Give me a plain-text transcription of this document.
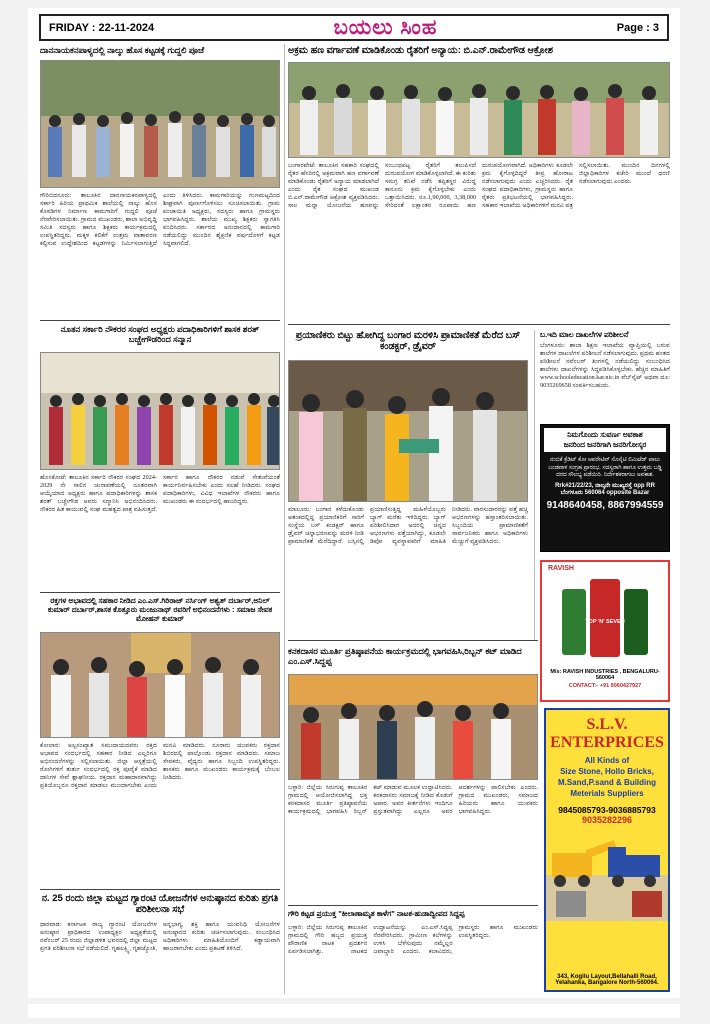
FRIDAY : 22-11-2024	ಬಯಲು ಸಿಂಹ	Page : 3
ದಾನನಾಯಕನಪಾಳ್ಯದಲ್ಲಿ ನಾಲ್ಕು ಹೊಸ ಕಟ್ಟಡಕ್ಕೆ ಗುದ್ದಲಿ ಪೂಜೆ
ಗೌರಿಬಿದನೂರು: ತಾಲೂಕಿನ ದಾನನಾಯಕನಪಾಳ್ಯದಲ್ಲಿ ಸರ್ಕಾರಿ ಹಿರಿಯ ಪ್ರಾಥಮಿಕ ಶಾಲೆಯಲ್ಲಿ ನಾಲ್ಕು ಹೊಸ ಕೊಠಡಿಗಳ ನಿರ್ಮಾಣ ಕಾಮಗಾರಿಗೆ ಗುದ್ದಲಿ ಪೂಜೆ ನೆರವೇರಿಸಲಾಯಿತು. ಗ್ರಾಮದ ಮುಖಂಡರು, ಶಾಲಾ ಅಭಿವೃದ್ಧಿ ಸಮಿತಿ ಸದಸ್ಯರು ಹಾಗೂ ಶಿಕ್ಷಕರು ಕಾರ್ಯಕ್ರಮದಲ್ಲಿ ಉಪಸ್ಥಿತರಿದ್ದರು. ಮಕ್ಕಳ ಕಲಿಕೆಗೆ ಉತ್ತಮ ವಾತಾವರಣ ಕಲ್ಪಿಸುವ ಉದ್ದೇಶದಿಂದ ಕಟ್ಟಡಗಳನ್ನು ನಿರ್ಮಿಸಲಾಗುತ್ತಿದೆ ಎಂದು ತಿಳಿಸಿದರು. ಕಾಮಗಾರಿಯನ್ನು ಗುಣಮಟ್ಟದಿಂದ ಶೀಘ್ರವಾಗಿ ಪೂರ್ಣಗೊಳಿಸಲು ಸೂಚಿಸಲಾಯಿತು. ಗ್ರಾಮ ಪಂಚಾಯಿತಿ ಅಧ್ಯಕ್ಷರು, ಸದಸ್ಯರು ಹಾಗೂ ಗ್ರಾಮಸ್ಥರು ಭಾಗವಹಿಸಿದ್ದರು. ಶಾಲೆಯ ಮುಖ್ಯ ಶಿಕ್ಷಕರು ಸ್ವಾಗತಿಸಿ ವಂದಿಸಿದರು. ಸರ್ಕಾರದ ಅನುದಾನದಲ್ಲಿ ಕಾಮಗಾರಿ ನಡೆಯಲಿದ್ದು ಮುಂದಿನ ಶೈಕ್ಷಣಿಕ ವರ್ಷದೊಳಗೆ ಕಟ್ಟಡ ಸಿದ್ಧವಾಗಲಿದೆ.
ನೂತನ ಸರ್ಕಾರಿ ನೌಕರರ ಸಂಘದ ಅಧ್ಯಕ್ಷರು ಪದಾಧಿಕಾರಿಗಳಿಗೆ ಶಾಸಕ ಶರತ್ ಬಚ್ಚೇಗೌಡರಿಂದ ಸನ್ಮಾನ
ಹೊಸಕೋಟೆ: ತಾಲೂಕಿನ ಸರ್ಕಾರಿ ನೌಕರರ ಸಂಘದ 2024-2029 ನೇ ಸಾಲಿನ ಚುನಾವಣೆಯಲ್ಲಿ ನೂತನವಾಗಿ ಆಯ್ಕೆಯಾದ ಅಧ್ಯಕ್ಷರು ಹಾಗೂ ಪದಾಧಿಕಾರಿಗಳನ್ನು ಶಾಸಕ ಶರತ್ ಬಚ್ಚೇಗೌಡ ಅವರು ಸನ್ಮಾನಿಸಿ ಅಭಿನಂದಿಸಿದರು. ನೌಕರರ ಹಿತ ಕಾಯುವಲ್ಲಿ ಸಂಘ ಮಹತ್ವದ ಪಾತ್ರ ವಹಿಸುತ್ತದೆ. ಸರ್ಕಾರ ಹಾಗೂ ನೌಕರರ ನಡುವೆ ಸೇತುವೆಯಂತೆ ಕಾರ್ಯನಿರ್ವಹಿಸಬೇಕು ಎಂದು ಸಲಹೆ ನೀಡಿದರು. ಸಂಘದ ಪದಾಧಿಕಾರಿಗಳು, ವಿವಿಧ ಇಲಾಖೆಗಳ ನೌಕರರು ಹಾಗೂ ಮುಖಂಡರು ಈ ಸಂದರ್ಭದಲ್ಲಿ ಹಾಜರಿದ್ದರು.
ರಕ್ತಗಳ ಅಭಾವದಲ್ಲಿ ಸಹಕಾರ ನೀಡಿದ ಎಂ.ಎಸ್.ಗಿರಿರಾಜ್ ನರ್ಸಿಂಗ್ ಅಶ್ವತ್ ದರ್ಬಾರ್,ಅನಿಲ್ ಕುಮಾರ್ ದರ್ಬಾರ್,ಶಾಸಕ ಕೊತ್ತೂರು ಮಂಜುನಾಥ್ ರವರಿಗೆ ಅಭಿನಂದನೆಗಳು : ಸಮಾಜ ಸೇವಕ ಮೋಹನ್ ಕುಮಾರ್
ಕೋಲಾರ: ಅಲ್ಪಸಂಖ್ಯಾತ ಸಮುದಾಯದವರು ರಕ್ತದ ಅಭಾವದ ಸಂದರ್ಭದಲ್ಲಿ ಸಹಕಾರ ನೀಡಿದ ಎಲ್ಲರಿಗೂ ಅಭಿನಂದನೆಗಳನ್ನು ಸಲ್ಲಿಸಲಾಯಿತು. ಜಿಲ್ಲಾ ಆಸ್ಪತ್ರೆಯಲ್ಲಿ ರೋಗಿಗಳಿಗೆ ತುರ್ತು ಸಂದರ್ಭದಲ್ಲಿ ರಕ್ತ ಪೂರೈಕೆ ಮಾಡಿದ ದಾನಿಗಳ ಸೇವೆ ಶ್ಲಾಘನೀಯ. ರಕ್ತದಾನ ಮಹಾದಾನವಾಗಿದ್ದು ಪ್ರತಿಯೊಬ್ಬರೂ ರಕ್ತದಾನ ಮಾಡಲು ಮುಂದಾಗಬೇಕು ಎಂದು ಮನವಿ ಮಾಡಿದರು. ನೂರಾರು ಯುವಕರು ರಕ್ತದಾನ ಶಿಬಿರದಲ್ಲಿ ಪಾಲ್ಗೊಂಡು ರಕ್ತದಾನ ಮಾಡಿದರು. ಸಮಾಜ ಸೇವಕರು, ವೈದ್ಯರು ಹಾಗೂ ಸಿಬ್ಬಂದಿ ಉಪಸ್ಥಿತರಿದ್ದರು. ಶಾಸಕರು ಹಾಗೂ ಮುಖಂಡರು ಕಾರ್ಯಕ್ರಮಕ್ಕೆ ಬೆಂಬಲ ನೀಡಿದರು.
ನ. 25 ರಂದು ಜಿಲ್ಲಾ ಮಟ್ಟದ ಗ್ಯಾರಂಟಿ ಯೋಜನೆಗಳ ಅನುಷ್ಠಾನದ ಕುರಿತು ಪ್ರಗತಿ ಪರಿಶೀಲನಾ ಸಭೆ
ಧಾರವಾಡ: ಕರ್ನಾಟಕ ರಾಜ್ಯ ಗ್ಯಾರಂಟಿ ಯೋಜನೆಗಳ ಅನುಷ್ಠಾನ ಪ್ರಾಧಿಕಾರದ ಉಪಾಧ್ಯಕ್ಷರ ಅಧ್ಯಕ್ಷತೆಯಲ್ಲಿ ನವೆಂಬರ್ 25 ರಂದು ಜಿಲ್ಲಾಡಳಿತ ಭವನದಲ್ಲಿ ಜಿಲ್ಲಾ ಮಟ್ಟದ ಪ್ರಗತಿ ಪರಿಶೀಲನಾ ಸಭೆ ನಡೆಯಲಿದೆ. ಗೃಹಲಕ್ಷ್ಮಿ, ಗೃಹಜ್ಯೋತಿ, ಅನ್ನಭಾಗ್ಯ, ಶಕ್ತಿ ಹಾಗೂ ಯುವನಿಧಿ ಯೋಜನೆಗಳ ಅನುಷ್ಠಾನದ ಕುರಿತು ಚರ್ಚಿಸಲಾಗುವುದು. ಸಂಬಂಧಿಸಿದ ಅಧಿಕಾರಿಗಳು ಮಾಹಿತಿಯೊಂದಿಗೆ ಕಡ್ಡಾಯವಾಗಿ ಹಾಜರಾಗಬೇಕು ಎಂದು ಪ್ರಕಟಣೆ ತಿಳಿಸಿದೆ.
ಅಕ್ರಮ ಹಣ ವರ್ಗಾವಣೆ ಮಾಡಿಕೊಂಡು ರೈತರಿಗೆ ಅನ್ಯಾಯ: ಬಿ.ಎನ್.ರಾಮೇಗೌಡ ಆಕ್ರೋಶ
ಬಂಗಾರಪೇಟೆ: ತಾಲೂಕಿನ ಸಹಕಾರಿ ಸಂಘದಲ್ಲಿ ರೈತರ ಹೆಸರಿನಲ್ಲಿ ಅಕ್ರಮವಾಗಿ ಹಣ ವರ್ಗಾವಣೆ ಮಾಡಿಕೊಂಡು ರೈತರಿಗೆ ಅನ್ಯಾಯ ಮಾಡಲಾಗಿದೆ ಎಂದು ರೈತ ಸಂಘದ ಮುಖಂಡ ಬಿ.ಎನ್.ರಾಮೇಗೌಡ ಆಕ್ರೋಶ ವ್ಯಕ್ತಪಡಿಸಿದರು. ಸಾಲ ಮನ್ನಾ ಯೋಜನೆಯ ಹಣವನ್ನು ಸಂಬಂಧಪಟ್ಟ ರೈತರಿಗೆ ತಲುಪಿಸದೆ ದುರುಪಯೋಗ ಮಾಡಿಕೊಳ್ಳಲಾಗಿದೆ. ಈ ಕುರಿತು ಸಮಗ್ರ ತನಿಖೆ ನಡೆಸಿ ತಪ್ಪಿತಸ್ಥರ ವಿರುದ್ಧ ಕಾನೂನು ಕ್ರಮ ಕೈಗೊಳ್ಳಬೇಕು ಎಂದು ಒತ್ತಾಯಿಸಿದರು. ರೂ.1,90,000, 3,38,000 ಸೇರಿದಂತೆ ಲಕ್ಷಾಂತರ ರೂಪಾಯಿ ಹಣ ದುರುಪಯೋಗವಾಗಿದೆ. ಅಧಿಕಾರಿಗಳು ಕೂಡಲೇ ಕ್ರಮ ಕೈಗೊಳ್ಳದಿದ್ದರೆ ತೀವ್ರ ಹೋರಾಟ ನಡೆಸಲಾಗುವುದು ಎಂದು ಎಚ್ಚರಿಸಿದರು. ರೈತ ಸಂಘದ ಪದಾಧಿಕಾರಿಗಳು, ಗ್ರಾಮಸ್ಥರು ಹಾಗೂ ರೈತರು ಪ್ರತಿಭಟನೆಯಲ್ಲಿ ಭಾಗವಹಿಸಿದ್ದರು. ಸಹಕಾರ ಇಲಾಖೆಯ ಅಧಿಕಾರಿಗಳಿಗೆ ಮನವಿ ಪತ್ರ ಸಲ್ಲಿಸಲಾಯಿತು. ಮುಂದಿನ ದಿನಗಳಲ್ಲಿ ಜಿಲ್ಲಾಧಿಕಾರಿಗಳ ಕಚೇರಿ ಮುಂದೆ ಧರಣಿ ನಡೆಸಲಾಗುವುದು ಎಂದರು.
ಪ್ರಯಾಣಿಕರು ಬಿಟ್ಟು ಹೋಗಿದ್ದ ಬಂಗಾರ ಮರಳಿಸಿ ಪ್ರಾಮಾಣಿಕತೆ ಮೆರೆದ ಬಸ್ ಕಂಡಕ್ಟರ್, ಡ್ರೈವರ್
ಮಾಲೂರು: ಬಂಗಾರ ಕಳೆದುಕೊಂಡು ಆತಂಕದಲ್ಲಿದ್ದ ಪ್ರಯಾಣಿಕರಿಗೆ ಸಾರಿಗೆ ಸಂಸ್ಥೆಯ ಬಸ್ ಕಂಡಕ್ಟರ್ ಹಾಗೂ ಡ್ರೈವರ್ ಚಿನ್ನಾಭರಣವನ್ನು ಮರಳಿ ನೀಡಿ ಪ್ರಾಮಾಣಿಕತೆ ಮೆರೆದಿದ್ದಾರೆ. ಬಸ್ಸಿನಲ್ಲಿ ಪ್ರಯಾಣಿಸುತ್ತಿದ್ದ ಮಹಿಳೆಯೊಬ್ಬರು ಬ್ಯಾಗ್ ಮರೆತು ಇಳಿದಿದ್ದರು. ಬ್ಯಾಗ್ ಪರಿಶೀಲಿಸಿದಾಗ ಅದರಲ್ಲಿ ಚಿನ್ನದ ಆಭರಣಗಳು ಪತ್ತೆಯಾಗಿದ್ದು, ಕೂಡಲೇ ಡಿಪೋ ವ್ಯವಸ್ಥಾಪಕರಿಗೆ ಮಾಹಿತಿ ನೀಡಿದರು. ವಾರಸುದಾರರನ್ನು ಪತ್ತೆ ಹಚ್ಚಿ ಆಭರಣಗಳನ್ನು ಹಸ್ತಾಂತರಿಸಲಾಯಿತು. ಸಿಬ್ಬಂದಿಯ ಪ್ರಾಮಾಣಿಕತೆಗೆ ಸಾರ್ವಜನಿಕರು ಹಾಗೂ ಅಧಿಕಾರಿಗಳು ಮೆಚ್ಚುಗೆ ವ್ಯಕ್ತಪಡಿಸಿದರು.
ಬ.ಇದಿ ಮಾಲ ದಾಖಲೆಗಳ ಪರಿಶೀಲನೆ
ಬೆಂಗಳೂರು: ಶಾಲಾ ಶಿಕ್ಷಣ ಇಲಾಖೆಯ ವ್ಯಾಪ್ತಿಯಲ್ಲಿ ಬರುವ ಶಾಲೆಗಳ ದಾಖಲೆಗಳ ಪರಿಶೀಲನೆ ನಡೆಸಲಾಗುವುದು. ಪ್ರಥಮ ಹಂತದ ಪರಿಶೀಲನೆ ನವೆಂಬರ್ ತಿಂಗಳಲ್ಲಿ ನಡೆಯಲಿದ್ದು ಸಂಬಂಧಿಸಿದ ಶಾಲೆಗಳು ದಾಖಲೆಗಳನ್ನು ಸಿದ್ಧಪಡಿಸಿಕೊಳ್ಳಬೇಕು. ಹೆಚ್ಚಿನ ಮಾಹಿತಿಗೆ www.schooleducation.kar.nic.in ವೆಬ್‌ಸೈಟ್ ಅಥವಾ ದೂ: 9035269658 ಸಂಪರ್ಕಿಸಬಹುದು.
ನಿಮಗೊಂದು ಸುವರ್ಣ ಅವಕಾಶ
ಜನರಿಂದ ಜನರಿಗಾಗಿ ಜನರಿಗೋಸ್ಕರ
ನಂಬಿಕೆ ಕ್ರೆಡಿಟ್ ಕೋ ಆಪರೇಟಿವ್ ಸೊಸೈಟಿ ಲಿಮಿಟೆಡ್ ಪಾಲು ಬಂಡವಾಳ ಸಂಗ್ರಹ ಪ್ರಾರಂಭ. ಸದಸ್ಯರಾಗಿ ಹಾಗೂ ಉತ್ತಮ ಬಡ್ಡಿ ದರದ ಸೌಲಭ್ಯ ಪಡೆಯಿರಿ. ನಿರ್ದೇಶಕರಾಗಲು ಅವಕಾಶ.
Rrk#21/22/23, ನಾಲ್ಕನೇ ಮುಖ್ಯರಸ್ತೆ opp RR ಬೆಂಗಳೂರು 560064 opposite Bazar
9148640458, 8867994559
RAVISH
TOP 'N' SEVEN
M/s: RAVISH INDUSTRIES , BENGALURU-560064
CONTACT:- +91 9060427927
ಕನಕದಾಸರ ಮೂರ್ತಿ ಪ್ರತಿಷ್ಠಾಪನೆಯ ಕಾರ್ಯಕ್ರಮದಲ್ಲಿ ಭಾಗವಹಿಸಿ,ರಿಬ್ಬನ್ ಕಟ್ ಮಾಡಿದ ಎಂ.ಎಸ್.ಸಿದ್ದಪ್ಪ
ಬಳ್ಳಾರಿ: ಜಿಲ್ಲೆಯ ಸಿರುಗುಪ್ಪ ತಾಲೂಕಿನ ಗ್ರಾಮದಲ್ಲಿ ಆಯೋಜಿಸಲಾಗಿದ್ದ ಭಕ್ತ ಕನಕದಾಸರ ಮೂರ್ತಿ ಪ್ರತಿಷ್ಠಾಪನೆಯ ಕಾರ್ಯಕ್ರಮದಲ್ಲಿ ಭಾಗವಹಿಸಿ ರಿಬ್ಬನ್ ಕಟ್ ಮಾಡುವ ಮೂಲಕ ಉದ್ಘಾಟಿಸಿದರು. ಕನಕದಾಸರು ಸಮಾಜಕ್ಕೆ ನೀಡಿದ ಕೊಡುಗೆ ಅಪಾರ. ಅವರ ಕೀರ್ತನೆಗಳು ಇಂದಿಗೂ ಪ್ರಸ್ತುತವಾಗಿದ್ದು ಎಲ್ಲರೂ ಅವರ ಆದರ್ಶಗಳನ್ನು ಪಾಲಿಸಬೇಕು ಎಂದರು. ಗ್ರಾಮದ ಮುಖಂಡರು, ಸಮಾಜದ ಹಿರಿಯರು ಹಾಗೂ ಯುವಕರು ಭಾಗವಹಿಸಿದ್ದರು.
ಗೌರಿ ಕಟ್ಟಡ ಪ್ರಯುಕ್ತ "ಕೀಲಾಣಾಮೃತ ಕಾಳೆಗ" ನಾಟಕ-ಹುಡಾದ್ವೀಪದ ಸಿದ್ದಪ್ಪ
ಬಳ್ಳಾರಿ: ಜಿಲ್ಲೆಯ ಸಿರುಗುಪ್ಪ ತಾಲೂಕಿನ ಗ್ರಾಮದಲ್ಲಿ ಗೌರಿ ಹಬ್ಬದ ಪ್ರಯುಕ್ತ ಪೌರಾಣಿಕ ನಾಟಕ ಪ್ರದರ್ಶನ ಏರ್ಪಡಿಸಲಾಗಿತ್ತು. ನಾಟಕದ ಉದ್ಘಾಟನೆಯನ್ನು ಎಂ.ಎಸ್.ಸಿದ್ದಪ್ಪ ನೆರವೇರಿಸಿದರು. ಗ್ರಾಮೀಣ ಕಲೆಗಳನ್ನು ಉಳಿಸಿ ಬೆಳೆಸುವುದು ನಮ್ಮೆಲ್ಲರ ಜವಾಬ್ದಾರಿ ಎಂದರು. ಕಲಾವಿದರು, ಗ್ರಾಮಸ್ಥರು ಹಾಗೂ ಮುಖಂಡರು ಉಪಸ್ಥಿತರಿದ್ದರು.
S.L.V. ENTERPRICES
All Kinds of
Size Stone, Hollo Bricks, M.Sand,P.sand & Building Meterials Suppliers
9845085793-9036885793
9035282296
343, Kogilu Layout,Bellahalli Road, Yelahanka, Bangalore North-560064.
